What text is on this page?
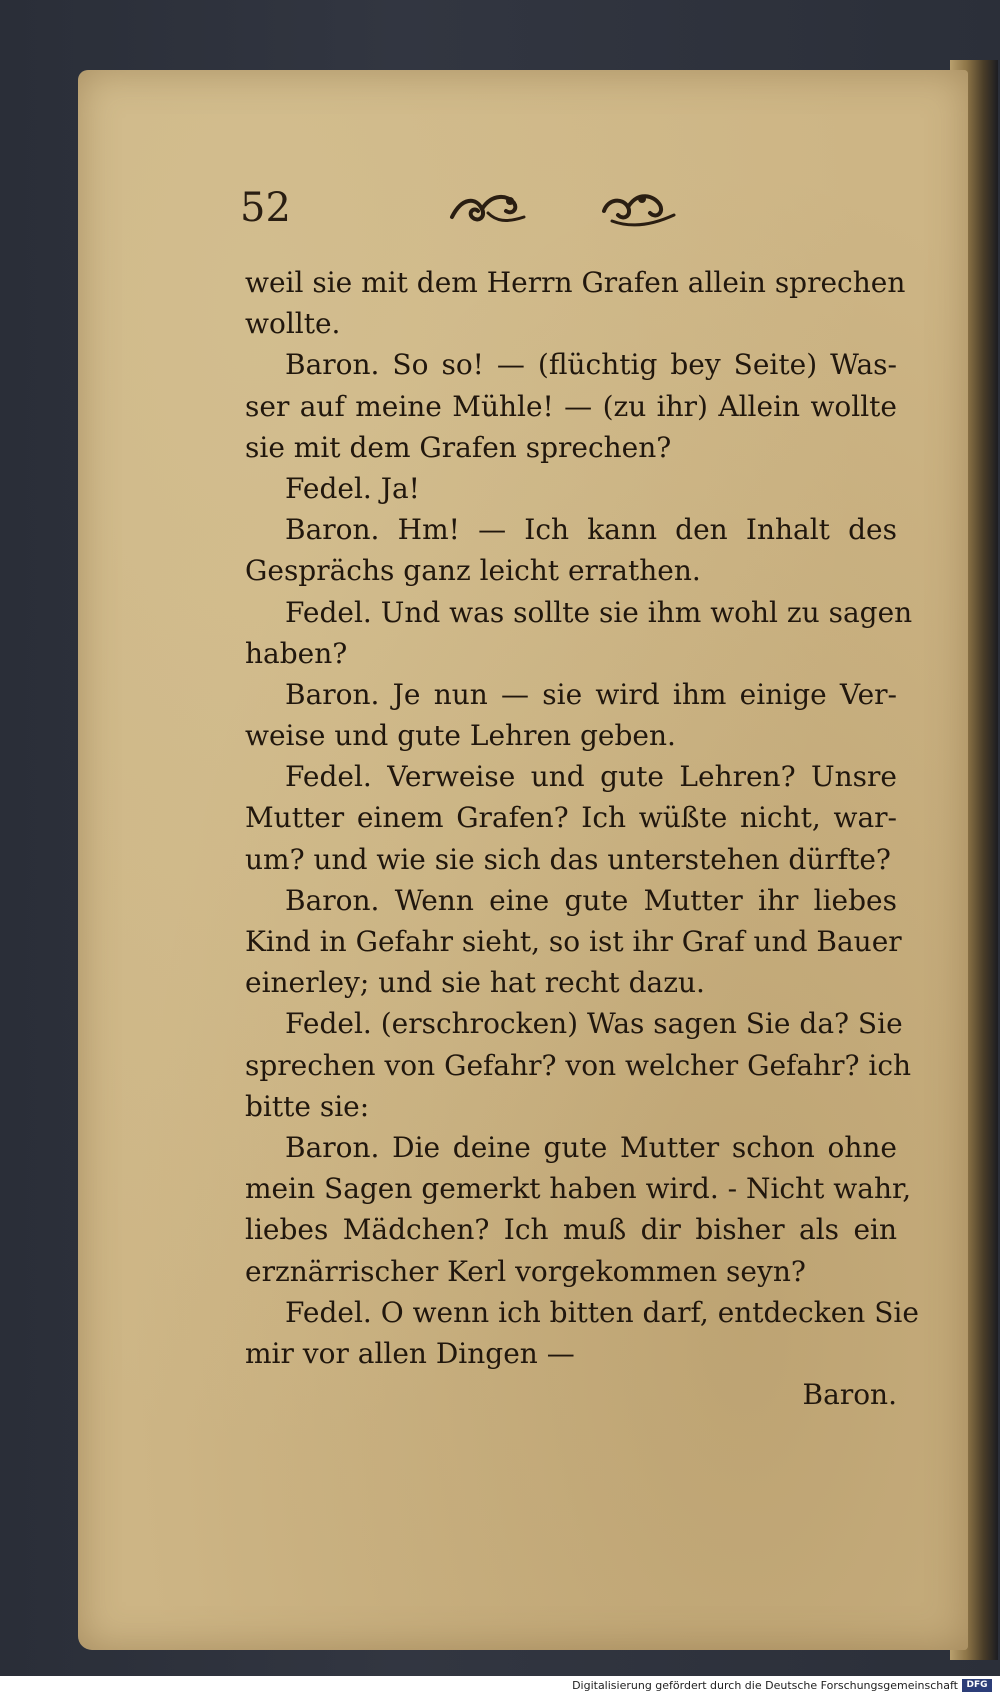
52
weil sie mit dem Herrn Grafen allein sprechen
wollte.
Baron. So so! — (flüchtig bey Seite) Was-
ser auf meine Mühle! — (zu ihr) Allein wollte
sie mit dem Grafen sprechen?
Fedel. Ja!
Baron. Hm! — Ich kann den Inhalt des
Gesprächs ganz leicht errathen.
Fedel. Und was sollte sie ihm wohl zu sagen
haben?
Baron. Je nun — sie wird ihm einige Ver-
weise und gute Lehren geben.
Fedel. Verweise und gute Lehren? Unsre
Mutter einem Grafen? Ich wüßte nicht, war-
um? und wie sie sich das unterstehen dürfte?
Baron. Wenn eine gute Mutter ihr liebes
Kind in Gefahr sieht, so ist ihr Graf und Bauer
einerley; und sie hat recht dazu.
Fedel. (erschrocken) Was sagen Sie da? Sie
sprechen von Gefahr? von welcher Gefahr? ich
bitte sie:
Baron. Die deine gute Mutter schon ohne
mein Sagen gemerkt haben wird. - Nicht wahr,
liebes Mädchen? Ich muß dir bisher als ein
erznärrischer Kerl vorgekommen seyn?
Fedel. O wenn ich bitten darf, entdecken Sie
mir vor allen Dingen —
Baron.
Digitalisierung gefördert durch die Deutsche Forschungsgemeinschaft DFG
